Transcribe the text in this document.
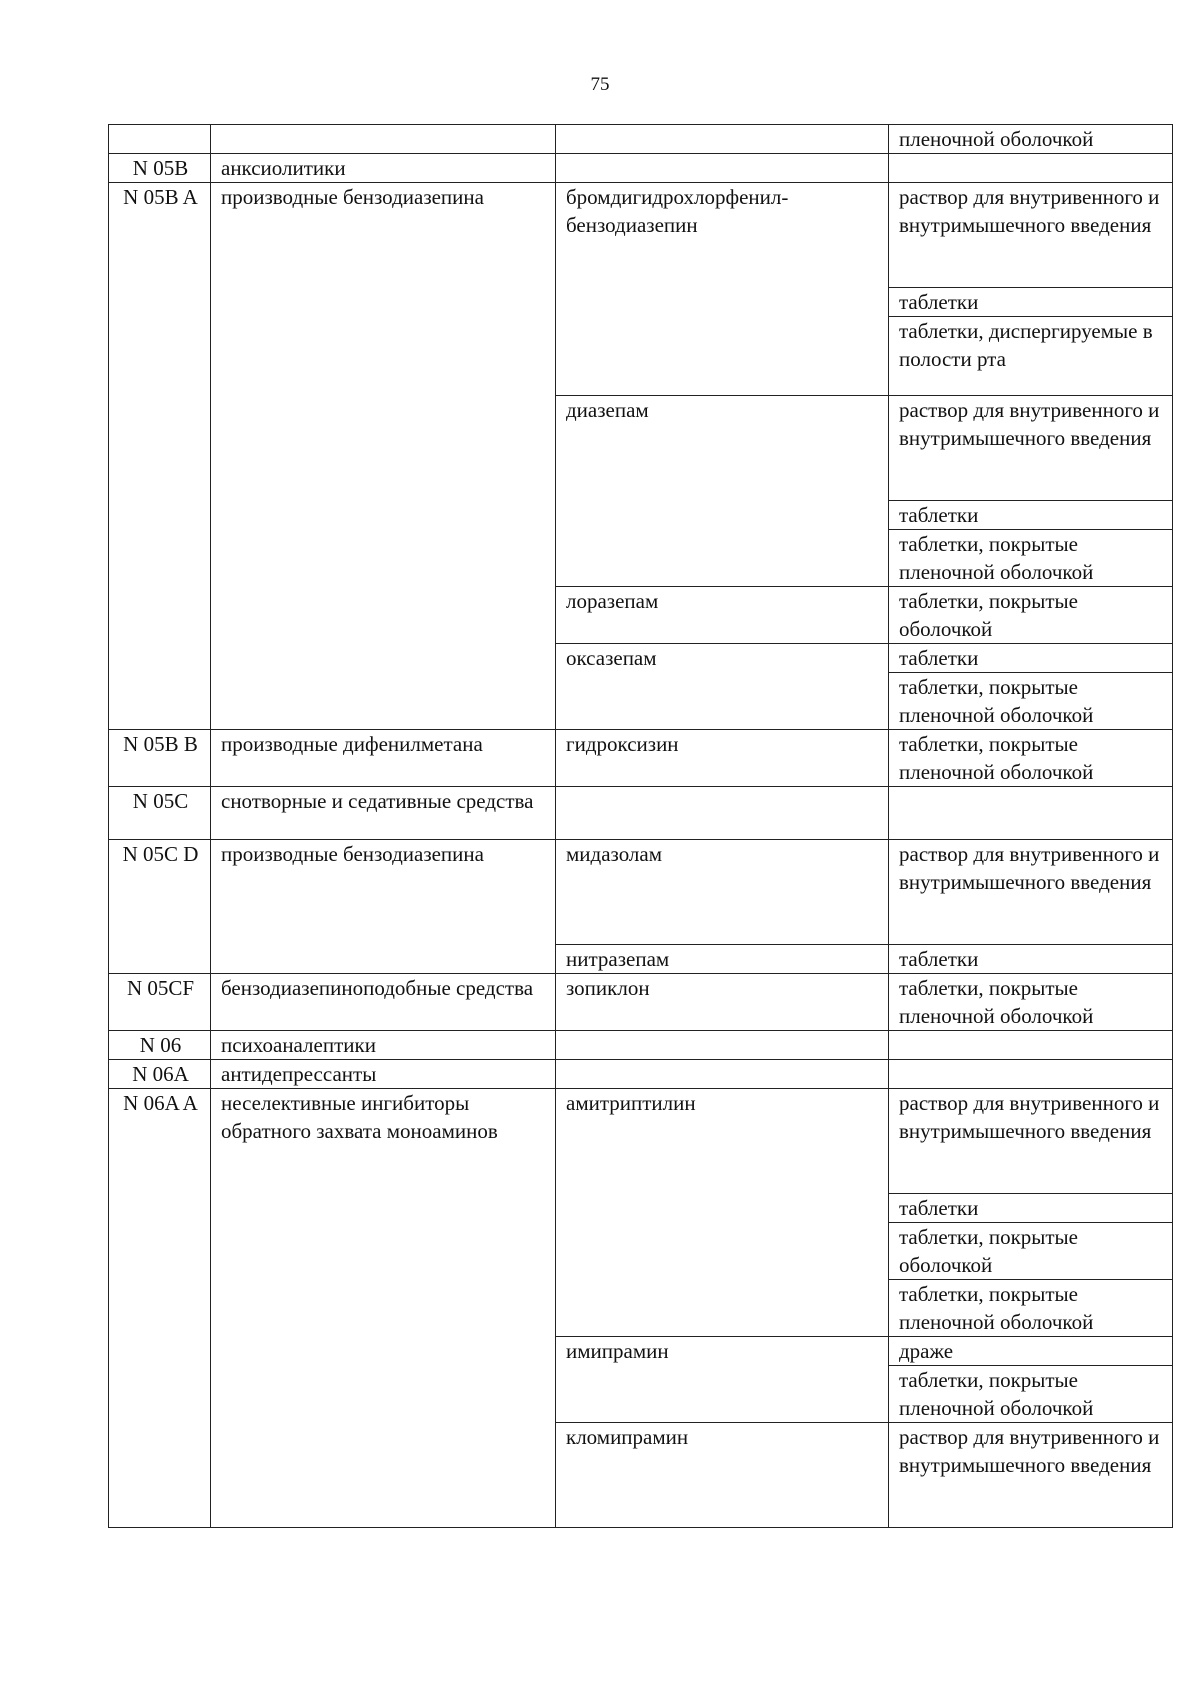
75
			пленочной оболочкой
N 05B	анксиолитики		
N 05B A	производные бензодиазепина	бромдигидрохлорфенил-бензодиазепин	раствор для внутривенного и внутримышечного введения
			таблетки
			таблетки, диспергируемые в полости рта
		диазепам	раствор для внутривенного и внутримышечного введения
			таблетки
			таблетки, покрытые пленочной оболочкой
		лоразепам	таблетки, покрытые оболочкой
		оксазепам	таблетки
			таблетки, покрытые пленочной оболочкой
N 05B B	производные дифенилметана	гидроксизин	таблетки, покрытые пленочной оболочкой
N 05C	снотворные и седативные средства		
N 05C D	производные бензодиазепина	мидазолам	раствор для внутривенного и внутримышечного введения
		нитразепам	таблетки
N 05CF	бензодиазепиноподобные средства	зопиклон	таблетки, покрытые пленочной оболочкой
N 06	психоаналептики		
N 06A	антидепрессанты		
N 06A A	неселективные ингибиторы обратного захвата моноаминов	амитриптилин	раствор для внутривенного и внутримышечного введения
			таблетки
			таблетки, покрытые оболочкой
			таблетки, покрытые пленочной оболочкой
		имипрамин	драже
			таблетки, покрытые пленочной оболочкой
		кломипрамин	раствор для внутривенного и внутримышечного введения
